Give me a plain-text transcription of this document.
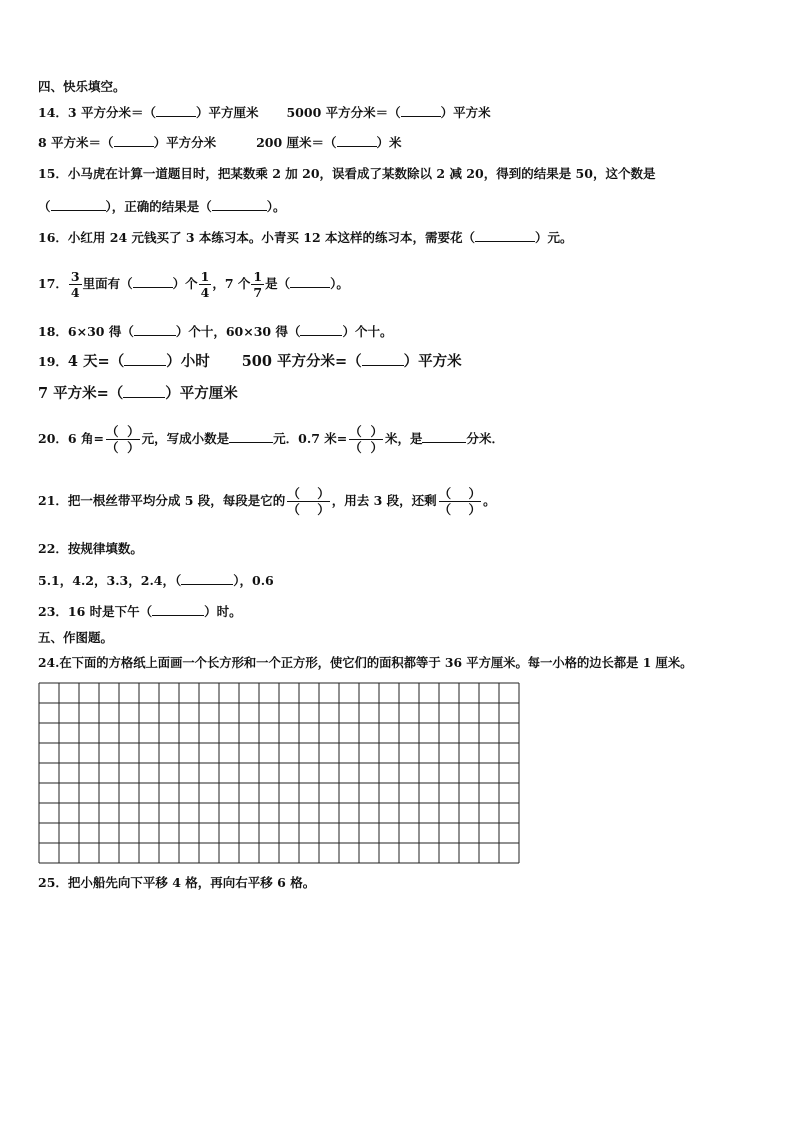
四、快乐填空。
14．3 平方分米＝（	）平方厘米 5000 平方分米＝（	）平方米
8 平方米＝（	）平方分米	200 厘米＝（	）米
15．小马虎在计算一道题目时，把某数乘 2 加 20，误看成了某数除以 2 减 20，得到的结果是 50，这个数是
（	），正确的结果是（	）。
16．小红用 24 元钱买了 3 本练习本。小青买 12 本这样的练习本，需要花（	）元。
17． $\frac{3}{4}$ 里面有（	）个 $\frac{1}{4}$ ，7 个 $\frac{1}{7}$ 是（	）。
18．6×30 得（	）个十，60×30 得（	）个十。
19．4 天=（	）小时 500 平方分米=（	）平方米
7 平方米=（	）平方厘米
20．6 角= （  ）
（  ）
元，写成小数是	元．0.7 米= （  ）
（  ）
米，是	分米．
21．把一根丝带平均分成 5 段，每段是它的 （    ）
（    ）
，用去 3 段，还剩 （    ）
（    ）
。
22．按规律填数。
5.1，4.2，3.3，2.4，（	），0.6
23．16 时是下午（	）时。
五、作图题。
24.在下面的方格纸上面画一个长方形和一个正方形，使它们的面积都等于 36 平方厘米。每一小格的边长都是 1 厘米。
25．把小船先向下平移 4 格，再向右平移 6 格。
